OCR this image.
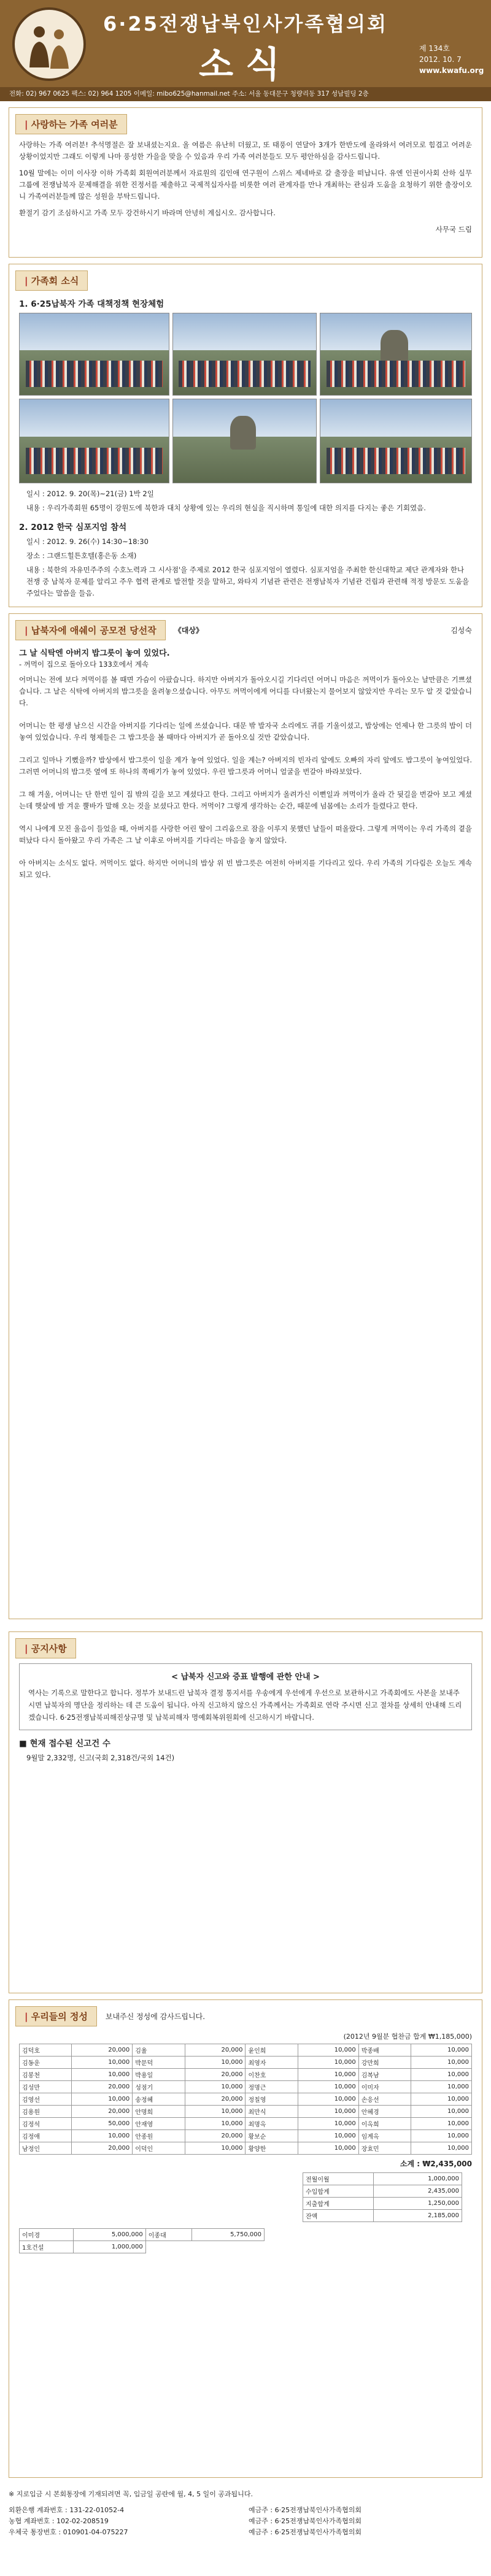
6·25전쟁납북인사가족협의회
소식	제 134호
2012. 10. 7
www.kwafu.org
전화: 02) 967 0625 팩스: 02) 964 1205 이메일: mibo625@hanmail.net 주소: 서울 동대문구 청량리동 317 성남빌딩 2층
| 사랑하는 가족 여러분

사랑하는 가족 여러분! 추석명절은 잘 보내셨는지요. 올 여름은 유난히 더웠고, 또 태풍이 연달아 3개가 한반도에 올라와서 여러모로 힘겹고 어려운 상황이었지만 그래도 이렇게 나마 풍성한 가을을 맞을 수 있음과 우리 가족 여러분들도 모두 평안하심을 감사드립니다.

10월 말에는 이미 이사장 이하 가족회 회원여러분께서 자료원의 김인애 연구원이 스위스 제네바로 갈 출장을 떠납니다. 유엔 인권이사회 산하 실무그룹에 전쟁납북자 문제해결을 위한 진정서를 제출하고 국제적십자사를 비롯한 여러 관계자를 만나 개최하는 관심과 도움을 요청하기 위한 출장이오니 가족여러분들께 많은 성원을 부탁드립니다.

환절기 감기 조심하시고 가족 모두 강건하시기 바라며 안녕히 계십시오. 감사합니다.

사무국 드림

| 가족회 소식
1. 6·25납북자 가족 대책정책 현장체험
일시 : 2012. 9. 20(목)~21(금) 1박 2일
내용 : 우리가족회원 65명이 강원도에 북한과 대치 상황에 있는 우리의 현실을 직시하며 통일에 대한 의지를 다지는 좋은 기회였음.
2. 2012 한국 심포지엄 참석
일시 : 2012. 9. 26(수) 14:30~18:30
장소 : 그랜드힐튼호텔(홍은동 소재)
내용 : 북한의 자유민주주의 수호노력과 그 시사점'을 주제로 2012 한국 심포지엄이 열렸다. 심포지엄을 주최한 한신대학교 제단 관계자와 한나 전쟁 중 납북자 문제를 알리고 주우 협력 관계로 발전할 것을 말하고, 와타지 기념관 관련은 전쟁납북자 기념관 건립과 관련해 적정 방문도 도움을 주었다는 말씀을 들음.
| 납북자에 애쉐이 공모전 당선작	《대상》	김성숙
그 날 식탁엔 아버지 밥그릇이 놓여 있었다.
- 꺼먹이 집으로 돌아오다 133호에서 계속

어머니는 전에 보다 꺼먹이를 볼 때면 가슴이 아팠습니다. 하지만 아버지가 돌아오시길 기다리던 어머니 마음은 꺼먹이가 돌아오는 날만큼은 기쁘셨습니다. 그 날은 식탁에 아버지의 밥그릇을 올려놓으셨습니다. 아무도 꺼먹이에게 어디를 다녀왔는지 물어보지 않았지만 우리는 모두 알 것 같았습니다.

어머니는 한 평생 남으신 시간을 아버지를 기다리는 일에 쓰셨습니다. 대문 밖 발자국 소리에도 귀를 기울이셨고, 밥상에는 언제나 한 그릇의 밥이 더 놓여 있었습니다. 우리 형제들은 그 밥그릇을 볼 때마다 아버지가 곧 돌아오실 것만 같았습니다.

그리고 일마나 기뻤을까? 밥상에서 밥그릇이 일을 계가 놓여 있었다. 일을 계는? 아버지의 빈자리 앞에도 오빠의 자리 앞에도 밥그릇이 놓여있었다. 그러면 어머니의 밥그릇 옆에 또 하나의 쪽배기가 놓여 있었다. 우린 밥그릇과 어머니 얼굴을 번갈아 바라보았다.

그 해 겨울, 어머니는 단 한번 일이 집 밖의 길을 보고 계셨다고 한다. 그리고 아버지가 올려가신 이뻔일과 꺼먹이가 올라 간 뒷길을 번갈아 보고 계셨는데 햇살에 밤 겨운 뿔바가 말해 오는 것을 보셨다고 한다. 꺼먹이? 그렇게 생각하는 순간, 때문에 넘몸에는 소리가 들렸다고 한다.

역시 나에게 모진 울음이 들었을 때, 아버지를 사랑한 어린 딸이 그리움으로 잠을 이루지 못했던 날들이 떠올랐다. 그렇게 꺼먹이는 우리 가족의 곁을 떠났다 다시 돌아왔고 우리 가족은 그 날 이후로 아버지를 기다리는 마음을 놓지 않았다.

아 아버지는 소식도 없다. 꺼먹이도 없다. 하지만 어머니의 밥상 위 빈 밥그릇은 여전히 아버지를 기다리고 있다. 우리 가족의 기다림은 오늘도 계속되고 있다.

| 공지사항
< 납북자 신고와 증표 발행에 관한 안내 >

역사는 기록으로 말한다고 합니다. 정부가 보내드린 납북자 결정 통지서를 우송에게 우선에게 우선으로 보관하시고 가족회에도 사본을 보내주시면 납북자의 명단을 정리하는 데 큰 도움이 됩니다. 아직 신고하지 않으신 가족께서는 가족회로 연락 주시면 신고 절차를 상세히 안내해 드리겠습니다. 6·25전쟁납북피해진상규명 및 납북피해자 명예회복위원회에 신고하시기 바랍니다.

■ 현재 접수된 신고건 수
9월말 2,332명, 신고(국회 2,318건/국외 14건)
| 우리들의 정성	보내주신 정성에 감사드립니다.
(2012년 9월분 협찬금 합계 ₩1,185,000)
김덕호	20,000	김율	20,000	윤인희	10,000	박종배	10,000
김동운	10,000	박문덕	10,000	최영자	10,000	강만희	10,000
김봉천	10,000	박용일	20,000	이찬호	10,000	김복남	10,000
김성만	20,000	성점기	10,000	정명근	10,000	이미자	10,000
김영선	10,000	송정혜	20,000	정칠영	10,000	손응선	10,000
김용원	20,000	안명희	10,000	최만식	10,000	안혜경	10,000
김정석	50,000	안재영	10,000	최명옥	10,000	이옥희	10,000
김정애	10,000	안종원	20,000	황보순	10,000	임계옥	10,000
남정인	20,000	이덕인	10,000	황양한	10,000	장효민	10,000
소계 : ₩2,435,000
전월이월	1,000,000
수입합계	2,435,000
지출합계	1,250,000
잔액	2,185,000
이미경	5,000,000	이종대	5,750,000
1호건설	1,000,000		
※ 지로입금 시 본회통장에 기재되려면 꼭, 입금일 공란에 월, 4, 5 일이 공과됩니다.
외환은행 계좌번호 : 131-22-01052-4
농협 계좌번호 : 102-02-208519
우체국 통장번호 : 010901-04-075227
예금주 : 6·25전쟁납북인사가족협의회
예금주 : 6·25전쟁납북인사가족협의회
예금주 : 6·25전쟁납북인사가족협의회
